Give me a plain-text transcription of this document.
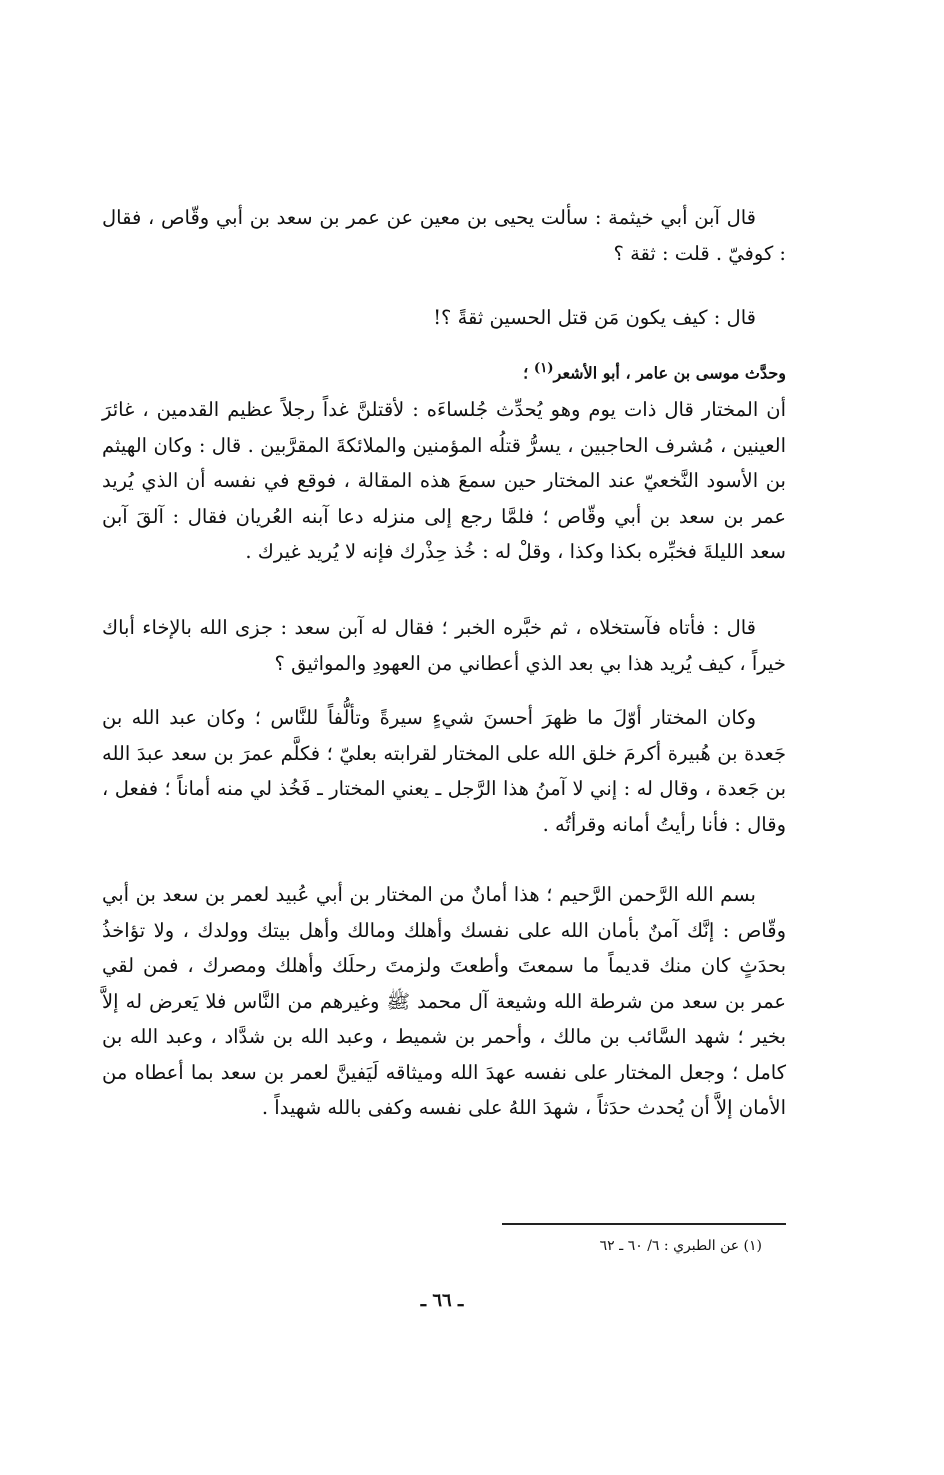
قال آبن أبي خيثمة : سألت يحيى بن معين عن عمر بن سعد بن أبي وقّاص ، فقال : كوفيّ . قلت : ثقة ؟

قال : كيف يكون مَن قتل الحسين ثقةً ؟!

وحدَّث موسى بن عامر ، أبو الأشعر$^{(١)}$ ؛

أن المختار قال ذات يوم وهو يُحدِّث جُلساءَه : لأقتلنَّ غداً رجلاً عظيم القدمين ، غائرَ العينين ، مُشرف الحاجبين ، يسرُّ قتلُه المؤمنين والملائكةَ المقرَّبين . قال : وكان الهيثم بن الأسود النَّخعيّ عند المختار حين سمعَ هذه المقالة ، فوقع في نفسه أن الذي يُريد عمر بن سعد بن أبي وقّاص ؛ فلمَّا رجع إلى منزله دعا آبنه العُريان فقال : آلقَ آبن سعد الليلةَ فخبِّره بكذا وكذا ، وقلْ له : خُذ حِذْرك فإنه لا يُريد غيرك .

قال : فأتاه فآستخلاه ، ثم خبَّره الخبر ؛ فقال له آبن سعد : جزى الله بالإخاء أباك خيراً ، كيف يُريد هذا بي بعد الذي أعطاني من العهودِ والمواثيق ؟

وكان المختار أوّلَ ما ظهرَ أحسنَ شيءٍ سيرةً وتألُّفاً للنَّاس ؛ وكان عبد الله بن جَعدة بن هُبيرة أكرمَ خلق الله على المختار لقرابته بعليّ ؛ فكلَّم عمرَ بن سعد عبدَ الله بن جَعدة ، وقال له : إني لا آمنُ هذا الرَّجل ـ يعني المختار ـ فَخُذ لي منه أماناً ؛ ففعل ، وقال : فأنا رأيتُ أمانه وقرأتُه .

بسم الله الرَّحمن الرَّحيم ؛ هذا أمانٌ من المختار بن أبي عُبيد لعمر بن سعد بن أبي وقّاص : إنَّك آمنٌ بأمان الله على نفسك وأهلك ومالك وأهل بيتك وولدك ، ولا تؤاخذُ بحدَثٍ كان منك قديماً ما سمعتَ وأطعتَ ولزمتَ رحلَك وأهلك ومصرك ، فمن لقي عمر بن سعد من شرطة الله وشيعة آل محمد ﷺ وغيرهم من النَّاس فلا يَعرض له إلاَّ بخير ؛ شهد السَّائب بن مالك ، وأحمر بن شميط ، وعبد الله بن شدَّاد ، وعبد الله بن كامل ؛ وجعل المختار على نفسه عهدَ الله وميثاقه لَيَفينَّ لعمر بن سعد بما أعطاه من الأمان إلاَّ أن يُحدث حدَثاً ، شهدَ اللهُ على نفسه وكفى بالله شهيداً .

(١) عن الطبري : ٦/ ٦٠ ـ ٦٢

ـ ٦٦ ـ
